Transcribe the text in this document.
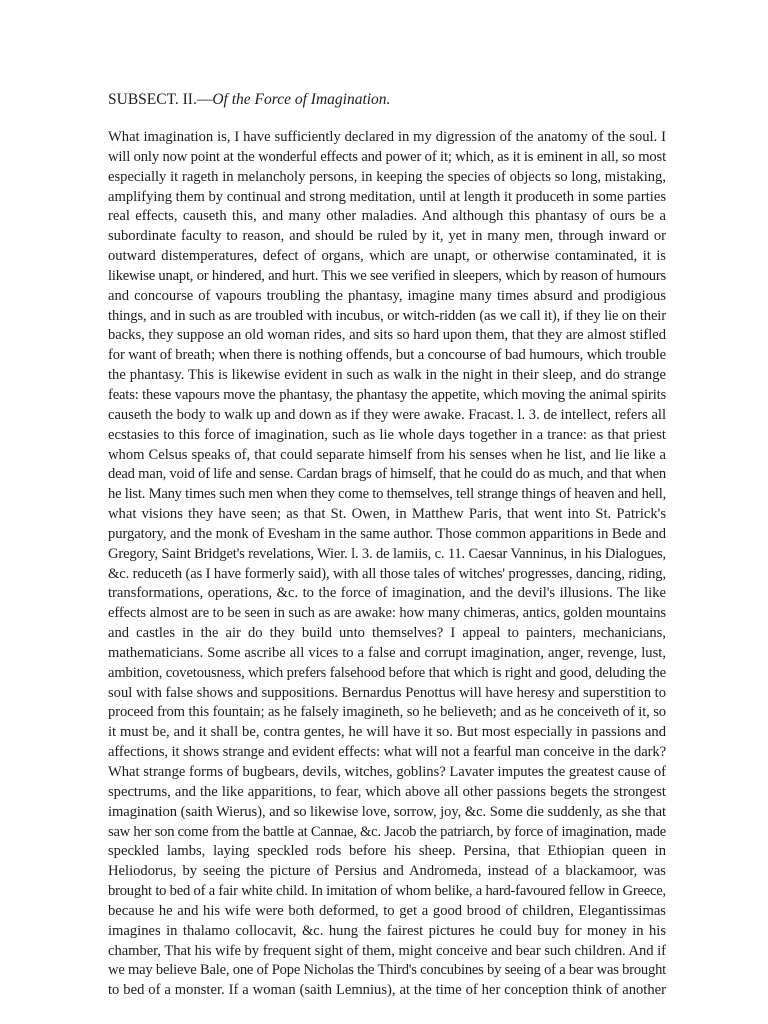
SUBSECT. II.—Of the Force of Imagination.
What imagination is, I have sufficiently declared in my digression of the anatomy of the soul. I
will only now point at the wonderful effects and power of it; which, as it is eminent in all, so most
especially it rageth in melancholy persons, in keeping the species of objects so long, mistaking,
amplifying them by continual and strong meditation, until at length it produceth in some parties
real effects, causeth this, and many other maladies. And although this phantasy of ours be a
subordinate faculty to reason, and should be ruled by it, yet in many men, through inward or
outward distemperatures, defect of organs, which are unapt, or otherwise contaminated, it is
likewise unapt, or hindered, and hurt. This we see verified in sleepers, which by reason of humours
and concourse of vapours troubling the phantasy, imagine many times absurd and prodigious
things, and in such as are troubled with incubus, or witch-ridden (as we call it), if they lie on their
backs, they suppose an old woman rides, and sits so hard upon them, that they are almost stifled
for want of breath; when there is nothing offends, but a concourse of bad humours, which trouble
the phantasy. This is likewise evident in such as walk in the night in their sleep, and do strange
feats: these vapours move the phantasy, the phantasy the appetite, which moving the animal spirits
causeth the body to walk up and down as if they were awake. Fracast. l. 3. de intellect, refers all
ecstasies to this force of imagination, such as lie whole days together in a trance: as that priest
whom Celsus speaks of, that could separate himself from his senses when he list, and lie like a
dead man, void of life and sense. Cardan brags of himself, that he could do as much, and that when
he list. Many times such men when they come to themselves, tell strange things of heaven and hell,
what visions they have seen; as that St. Owen, in Matthew Paris, that went into St. Patrick's
purgatory, and the monk of Evesham in the same author. Those common apparitions in Bede and
Gregory, Saint Bridget's revelations, Wier. l. 3. de lamiis, c. 11. Caesar Vanninus, in his Dialogues,
&c. reduceth (as I have formerly said), with all those tales of witches' progresses, dancing, riding,
transformations, operations, &c. to the force of imagination, and the devil's illusions. The like
effects almost are to be seen in such as are awake: how many chimeras, antics, golden mountains
and castles in the air do they build unto themselves? I appeal to painters, mechanicians,
mathematicians. Some ascribe all vices to a false and corrupt imagination, anger, revenge, lust,
ambition, covetousness, which prefers falsehood before that which is right and good, deluding the
soul with false shows and suppositions. Bernardus Penottus will have heresy and superstition to
proceed from this fountain; as he falsely imagineth, so he believeth; and as he conceiveth of it, so
it must be, and it shall be, contra gentes, he will have it so. But most especially in passions and
affections, it shows strange and evident effects: what will not a fearful man conceive in the dark?
What strange forms of bugbears, devils, witches, goblins? Lavater imputes the greatest cause of
spectrums, and the like apparitions, to fear, which above all other passions begets the strongest
imagination (saith Wierus), and so likewise love, sorrow, joy, &c. Some die suddenly, as she that
saw her son come from the battle at Cannae, &c. Jacob the patriarch, by force of imagination, made
speckled lambs, laying speckled rods before his sheep. Persina, that Ethiopian queen in
Heliodorus, by seeing the picture of Persius and Andromeda, instead of a blackamoor, was
brought to bed of a fair white child. In imitation of whom belike, a hard-favoured fellow in Greece,
because he and his wife were both deformed, to get a good brood of children, Elegantissimas
imagines in thalamo collocavit, &c. hung the fairest pictures he could buy for money in his
chamber, That his wife by frequent sight of them, might conceive and bear such children. And if
we may believe Bale, one of Pope Nicholas the Third's concubines by seeing of a bear was brought
to bed of a monster. If a woman (saith Lemnius), at the time of her conception think of another
